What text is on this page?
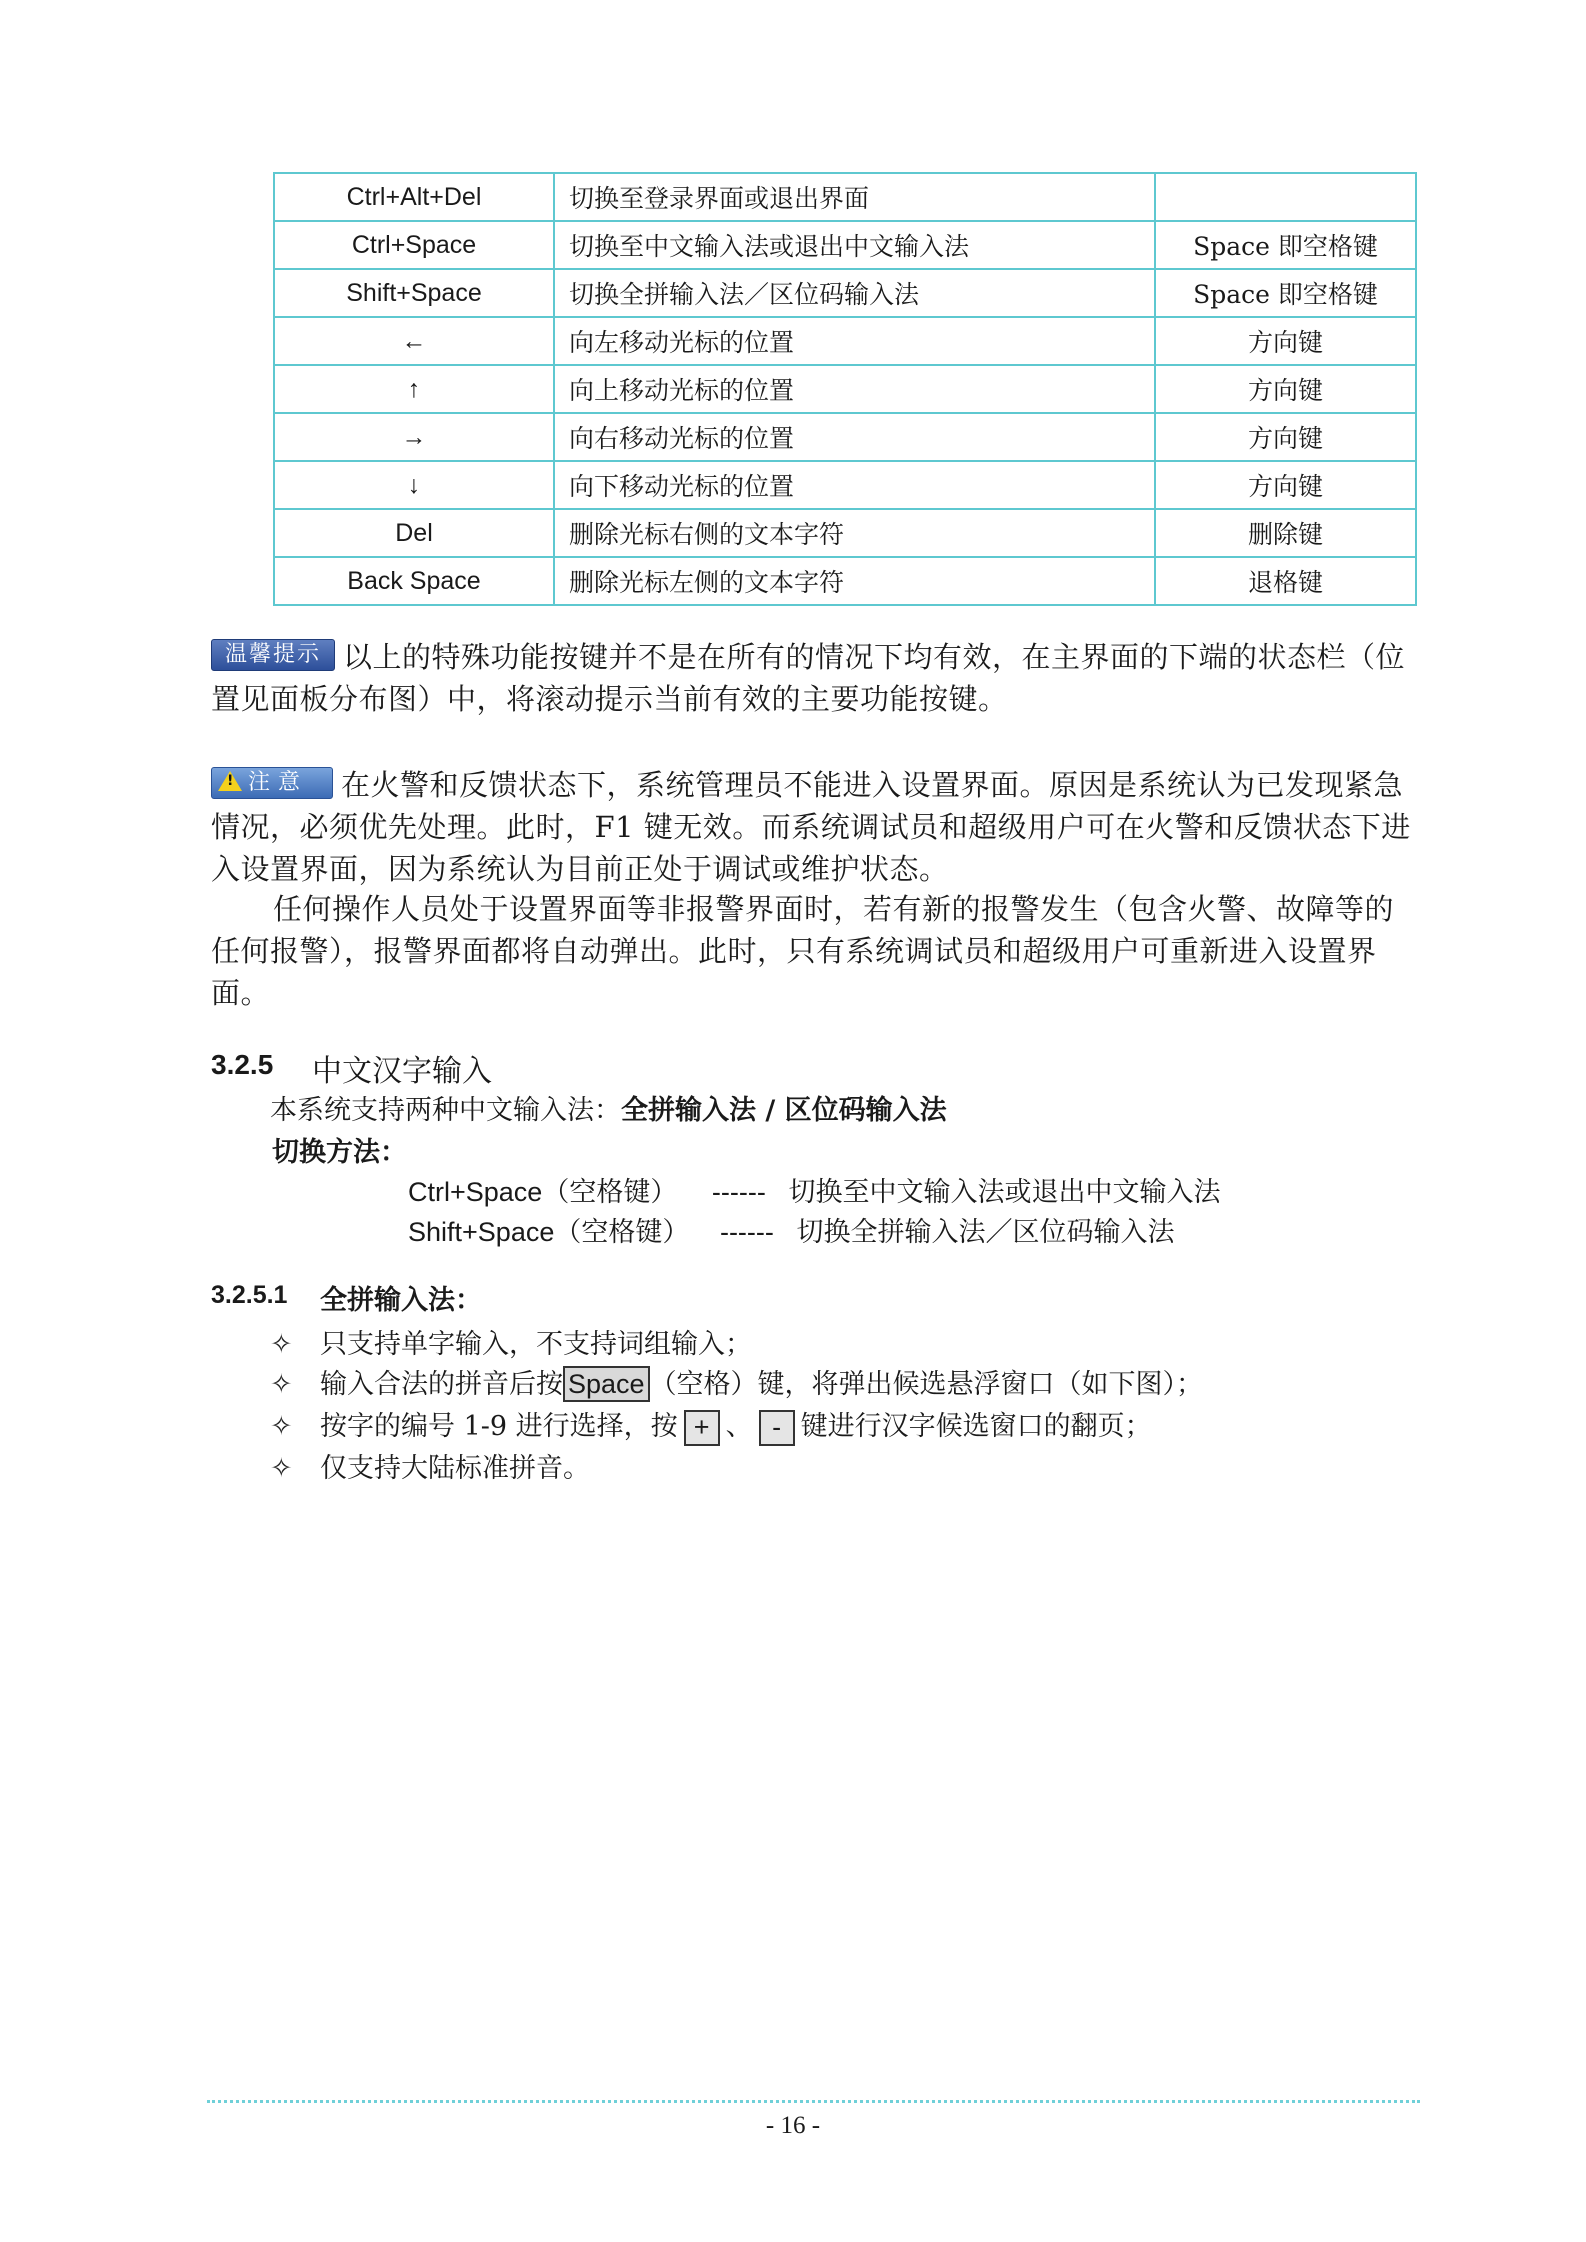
Ctrl+Alt+Del	切换至登录界面或退出界面	
Ctrl+Space	切换至中文输入法或退出中文输入法	Space 即空格键
Shift+Space	切换全拼输入法／区位码输入法	Space 即空格键
←	向左移动光标的位置	方向键
↑	向上移动光标的位置	方向键
→	向右移动光标的位置	方向键
↓	向下移动光标的位置	方向键
Del	删除光标右侧的文本字符	删除键
Back Space	删除光标左侧的文本字符	退格键

温馨提示 以上的特殊功能按键并不是在所有的情况下均有效，在主界面的下端的状态栏（位置见面板分布图）中，将滚动提示当前有效的主要功能按键。

!注 意 在火警和反馈状态下，系统管理员不能进入设置界面。原因是系统认为已发现紧急情况，必须优先处理。此时，F1 键无效。而系统调试员和超级用户可在火警和反馈状态下进入设置界面，因为系统认为目前正处于调试或维护状态。

任何操作人员处于设置界面等非报警界面时，若有新的报警发生（包含火警、故障等的任何报警），报警界面都将自动弹出。此时，只有系统调试员和超级用户可重新进入设置界面。

3.2.5 中文汉字输入

本系统支持两种中文输入法：全拼输入法 / 区位码输入法

切换方法：

Ctrl+Space（空格键） ------ 切换至中文输入法或退出中文输入法

Shift+Space（空格键） ------ 切换全拼输入法／区位码输入法

3.2.5.1 全拼输入法：
✧ 只支持单字输入，不支持词组输入；
✧ 输入合法的拼音后按 Space （空格）键，将弹出候选悬浮窗口（如下图）；
✧ 按字的编号 1-9 进行选择，按 + 、 - 键进行汉字候选窗口的翻页；
✧ 仅支持大陆标准拼音。
- 16 -
